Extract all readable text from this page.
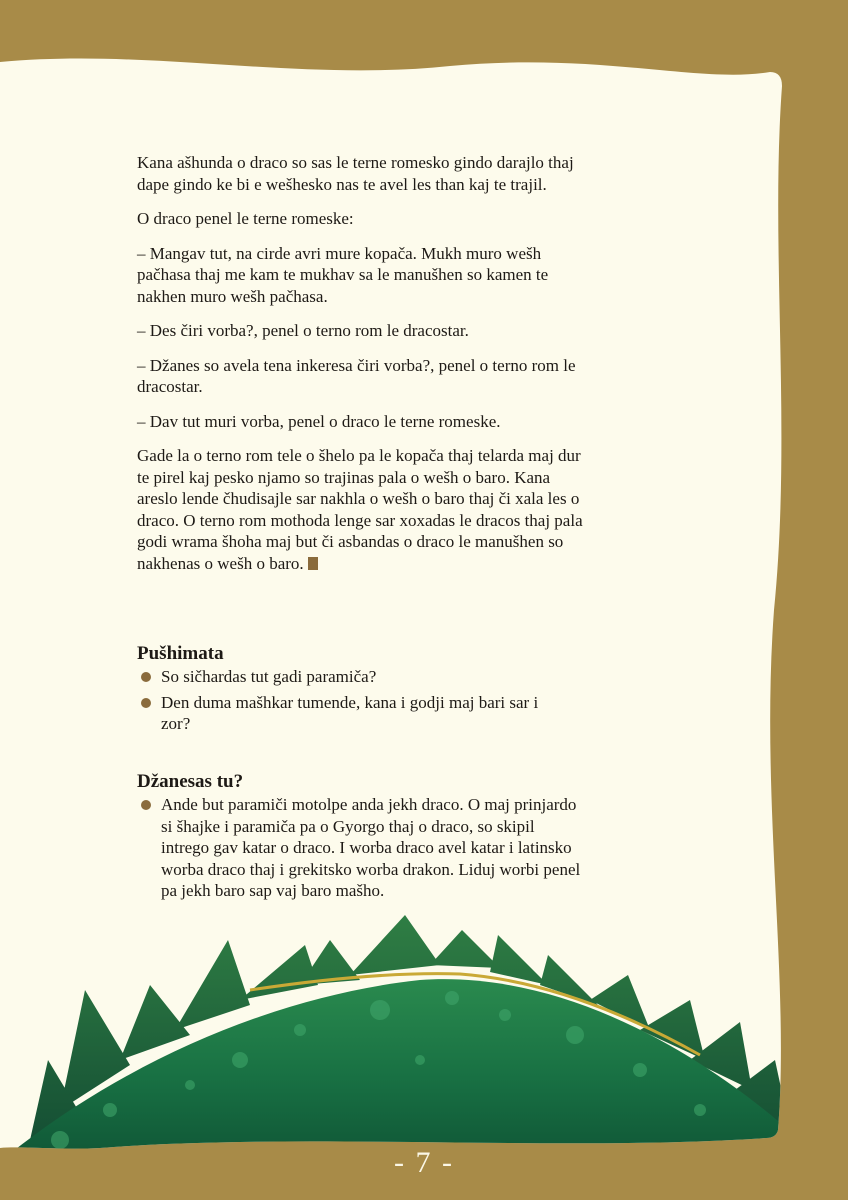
Kana ašhunda o draco so sas le terne romesko gindo darajlo thaj dape gindo ke bi e wešhesko nas te avel les than kaj te trajil.

O draco penel le terne romeske:

– Mangav tut, na cirde avri mure kopača. Mukh muro wešh pačhasa thaj me kam te mukhav sa le manušhen so kamen te nakhen muro wešh pačhasa.

– Des čiri vorba?, penel o terno rom le dracostar.

– Džanes so avela tena inkeresa čiri vorba?, penel o terno rom le dracostar.

– Dav tut muri vorba, penel o draco le terne romeske.

Gade la o terno rom tele o šhelo pa le kopača thaj telarda maj dur te pirel kaj pesko njamo so trajinas pala o wešh o baro. Kana areslo lende čhudisajle sar nakhla o wešh o baro thaj či xala les o draco. O terno rom mothoda lenge sar xoxadas le dracos thaj pala godi wrama šhoha maj but či asbandas o draco le manušhen so nakhenas o wešh o baro.

Pušhimata
So sičhardas tut gadi paramiča?
Den duma mašhkar tumende, kana i godji maj bari sar i zor?
Džanesas tu?
Ande but paramiči motolpe anda jekh draco. O maj prinjardo si šhajke i paramiča pa o Gyorgo thaj o draco, so skipil intrego gav katar o draco. I worba draco avel katar i latinsko worba draco thaj i grekitsko worba drakon. Liduj worbi penel pa jekh baro sap vaj baro mašho.
- 7 -
